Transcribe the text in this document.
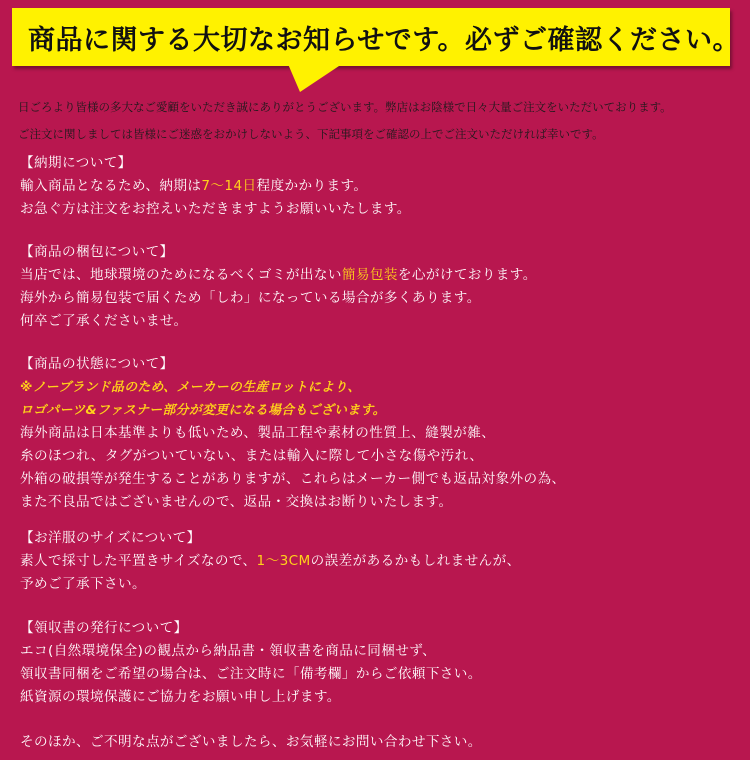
商品に関する大切なお知らせです。必ずご確認ください。
日ごろより皆様の多大なご愛顧をいただき誠にありがとうございます。弊店はお陰様で日々大量ご注文をいただいております。
ご注文に関しましては皆様にご迷惑をおかけしないよう、下記事項をご確認の上でご注文いただければ幸いです。
【納期について】
輸入商品となるため、納期は7～14日程度かかります。
お急ぐ方は注文をお控えいただきますようお願いいたします。
【商品の梱包について】
当店では、地球環境のためになるべくゴミが出ない簡易包装を心がけております。
海外から簡易包装で届くため「しわ」になっている場合が多くあります。
何卒ご了承くださいませ。
【商品の状態について】
※ノーブランド品のため、メーカーの生産ロットにより、
ロゴパーツ&ファスナー部分が変更になる場合もございます。
海外商品は日本基準よりも低いため、製品工程や素材の性質上、縫製が雑、
糸のほつれ、タグがついていない、または輸入に際して小さな傷や汚れ、
外箱の破損等が発生することがありますが、これらはメーカー側でも返品対象外の為、
また不良品ではございませんので、返品・交換はお断りいたします。
【お洋服のサイズについて】
素人で採寸した平置きサイズなので、1～3CMの誤差があるかもしれませんが、
予めご了承下さい。
【領収書の発行について】
エコ(自然環境保全)の観点から納品書・領収書を商品に同梱せず、
領収書同梱をご希望の場合は、ご注文時に「備考欄」からご依頼下さい。
紙資源の環境保護にご協力をお願い申し上げます。
そのほか、ご不明な点がございましたら、お気軽にお問い合わせ下さい。
